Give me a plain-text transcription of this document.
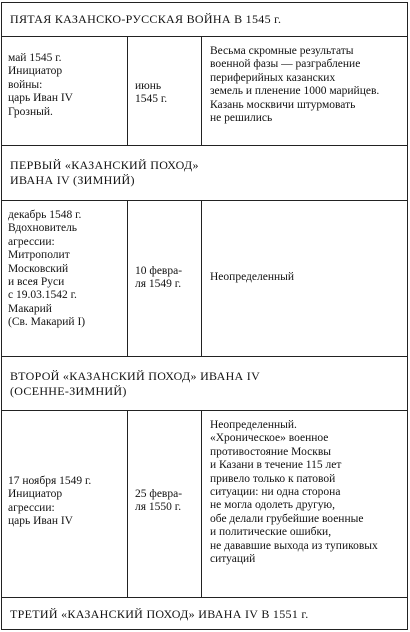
ПЯТАЯ КАЗАНСКО-РУССКАЯ ВОЙНА В 1545 г.
май 1545 г.
Инициатор
войны:
царь Иван IV
Грозный.
июнь
1545 г.
Весьма скромные результаты
военной фазы — разграбление
периферийных казанских
земель и пленение 1000 марийцев.
Казань москвичи штурмовать
не решились
ПЕРВЫЙ «КАЗАНСКИЙ ПОХОД»
ИВАНА IV (ЗИМНИЙ)
декабрь 1548 г.
Вдохновитель
агрессии:
Митрополит
Московский
и всея Руси
с 19.03.1542 г.
Макарий
(Св. Макарий I)
10 февра-
ля 1549 г.
Неопределенный
ВТОРОЙ «КАЗАНСКИЙ ПОХОД» ИВАНА IV
(ОСЕННЕ-ЗИМНИЙ)
17 ноября 1549 г.
Инициатор
агрессии:
царь Иван IV
25 февра-
ля 1550 г.
Неопределенный.
«Хроническое» военное
противостояние Москвы
и Казани в течение 115 лет
привело только к патовой
ситуации: ни одна сторона
не могла одолеть другую,
обе делали грубейшие военные
и политические ошибки,
не дававшие выхода из тупиковых
ситуаций
ТРЕТИЙ «КАЗАНСКИЙ ПОХОД» ИВАНА IV В 1551 г.
